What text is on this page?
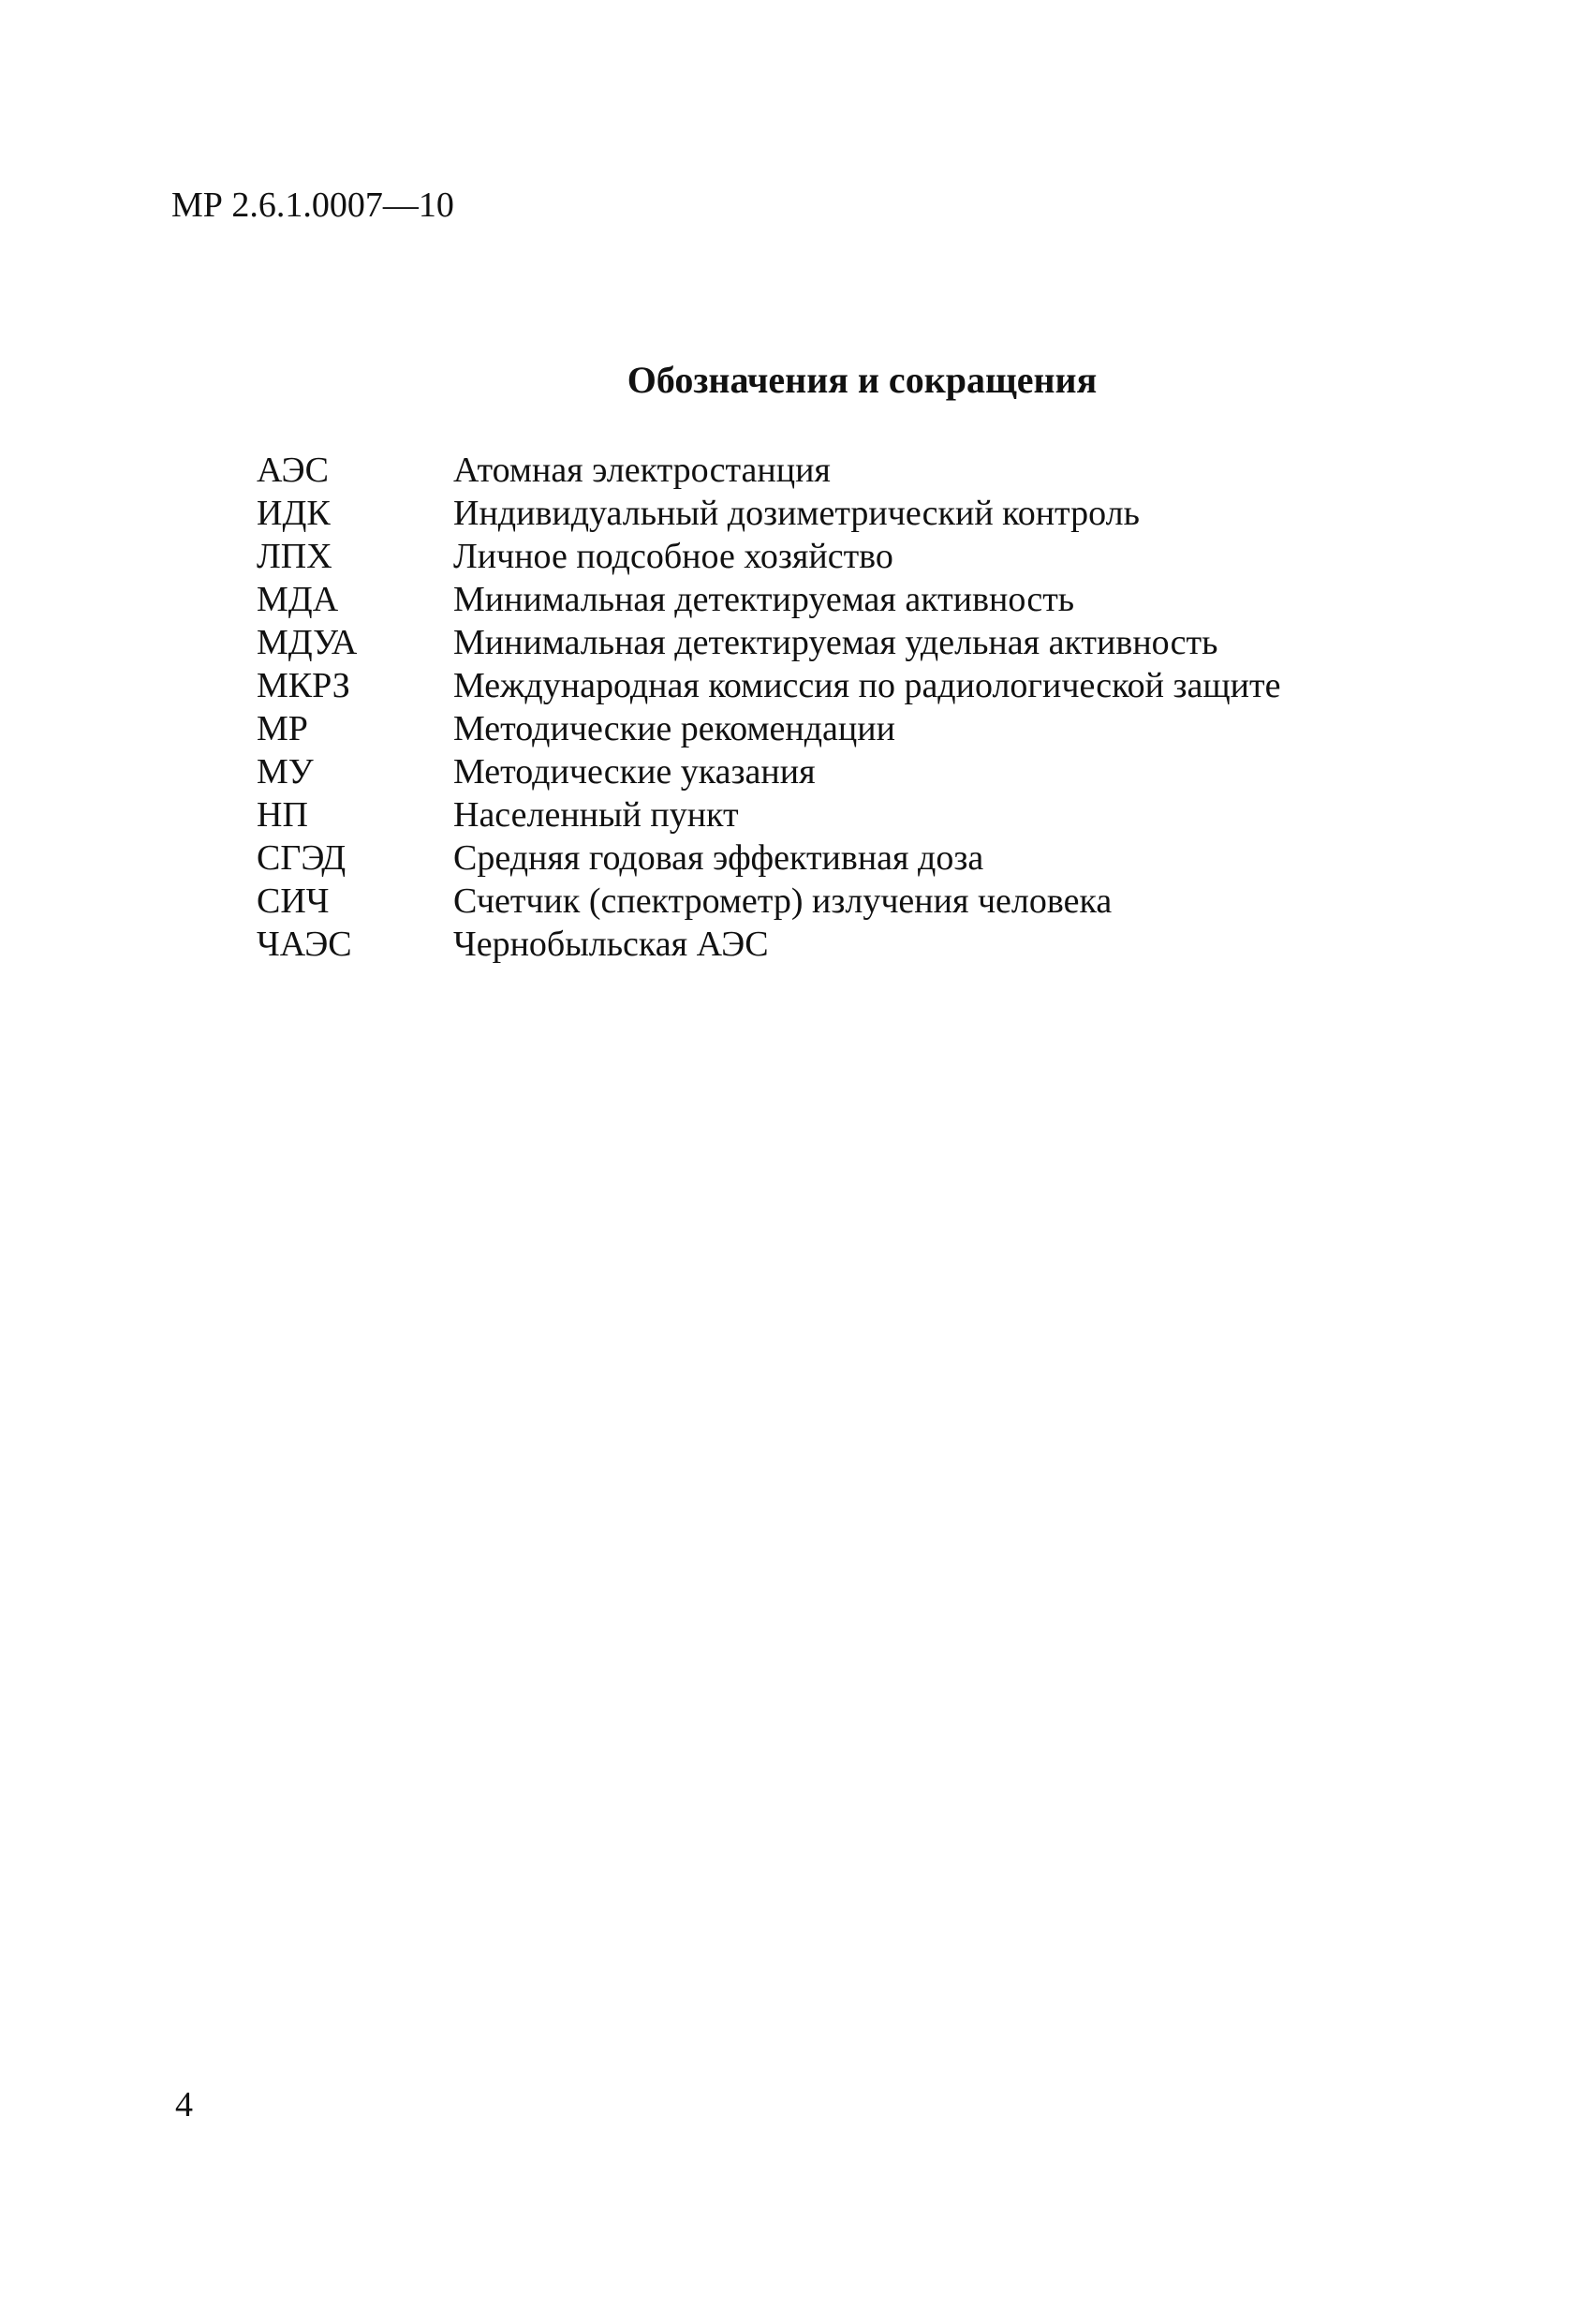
МР 2.6.1.0007—10
Обозначения и сокращения
АЭС	Атомная электростанция
ИДК	Индивидуальный дозиметрический контроль
ЛПХ	Личное подсобное хозяйство
МДА	Минимальная детектируемая активность
МДУА	Минимальная детектируемая удельная активность
МКРЗ	Международная комиссия по радиологической защите
МР	Методические рекомендации
МУ	Методические указания
НП	Населенный пункт
СГЭД	Средняя годовая эффективная доза
СИЧ	Счетчик (спектрометр) излучения человека
ЧАЭС	Чернобыльская АЭС
4
